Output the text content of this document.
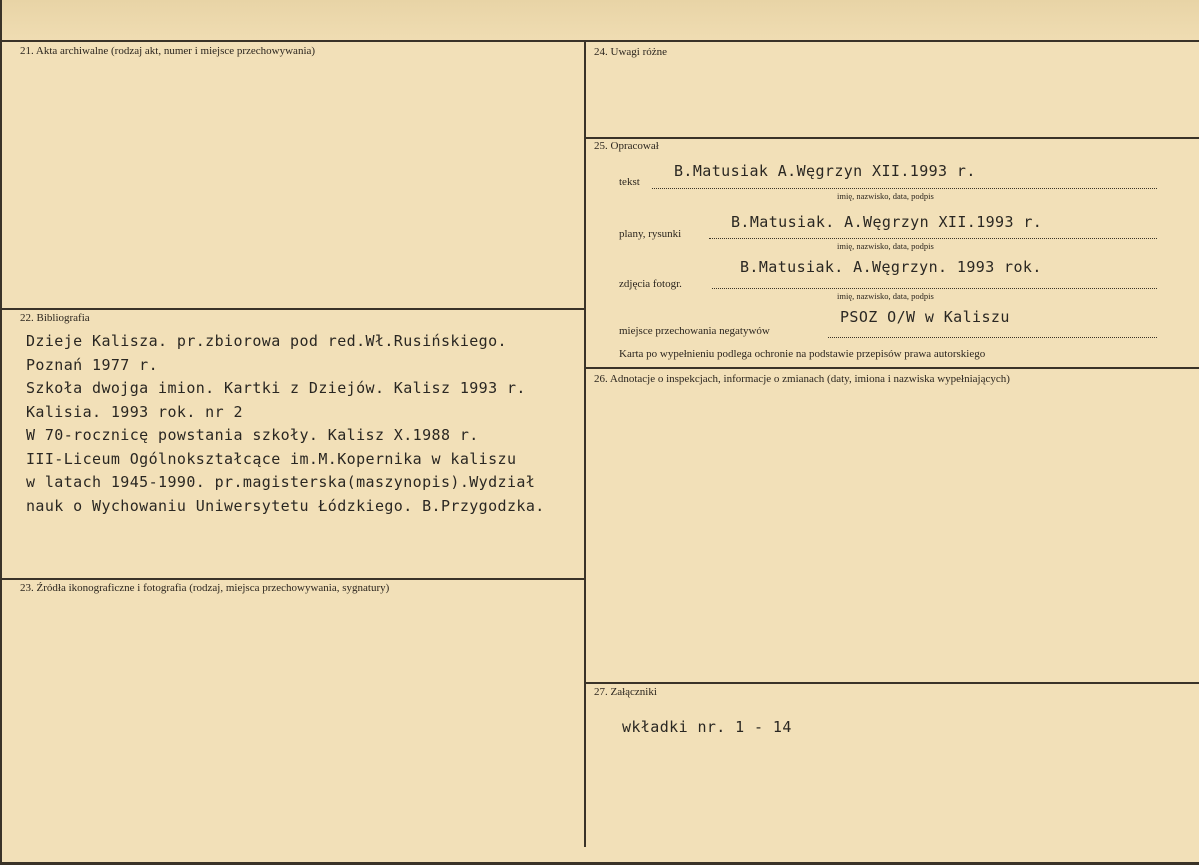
21. Akta archiwalne (rodzaj akt, numer i miejsce przechowywania)
22. Bibliografia

Dzieje Kalisza. pr.zbiorowa pod red.Wł.Rusińskiego.

Poznań 1977 r.

Szkoła dwojga imion. Kartki z Dziejów. Kalisz 1993 r.

Kalisia. 1993 rok. nr 2

W 70-rocznicę powstania szkoły. Kalisz X.1988 r.

III-Liceum Ogólnokształcące im.M.Kopernika w kaliszu

w latach 1945-1990. pr.magisterska(maszynopis).Wydział

nauk o Wychowaniu Uniwersytetu Łódzkiego. B.Przygodzka.

23. Źródła ikonograficzne i fotografia (rodzaj, miejsca przechowywania, sygnatury)
24. Uwagi różne
25. Opracował
tekst
B.Matusiak A.Węgrzyn XII.1993 r.
imię, nazwisko, data, podpis
plany, rysunki
B.Matusiak. A.Węgrzyn XII.1993 r.
imię, nazwisko, data, podpis
zdjęcia fotogr.
B.Matusiak. A.Węgrzyn. 1993 rok.
imię, nazwisko, data, podpis
miejsce przechowania negatywów
PSOZ O/W w Kaliszu
Karta po wypełnieniu podlega ochronie na podstawie przepisów prawa autorskiego
26. Adnotacje o inspekcjach, informacje o zmianach (daty, imiona i nazwiska wypełniających)
27. Załączniki
wkładki nr. 1 - 14
